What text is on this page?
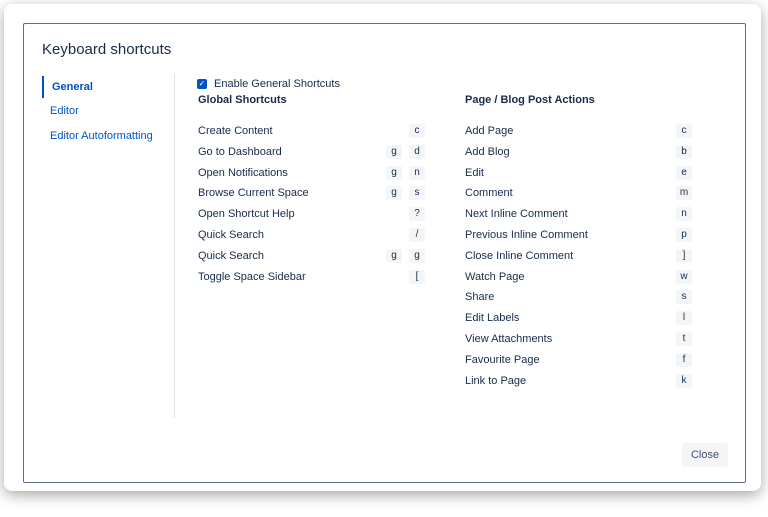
Keyboard shortcuts
General
Editor
Editor Autoformatting
✓ Enable General Shortcuts
Global Shortcuts	Page / Blog Post Actions
Create Content	c
Go to Dashboard	g	d
Open Notifications	g	n
Browse Current Space	g	s
Open Shortcut Help	?
Quick Search	/
Quick Search	g	g
Toggle Space Sidebar	[
Add Page	c
Add Blog	b
Edit	e
Comment	m
Next Inline Comment	n
Previous Inline Comment	p
Close Inline Comment	]
Watch Page	w
Share	s
Edit Labels	l
View Attachments	t
Favourite Page	f
Link to Page	k
Close
